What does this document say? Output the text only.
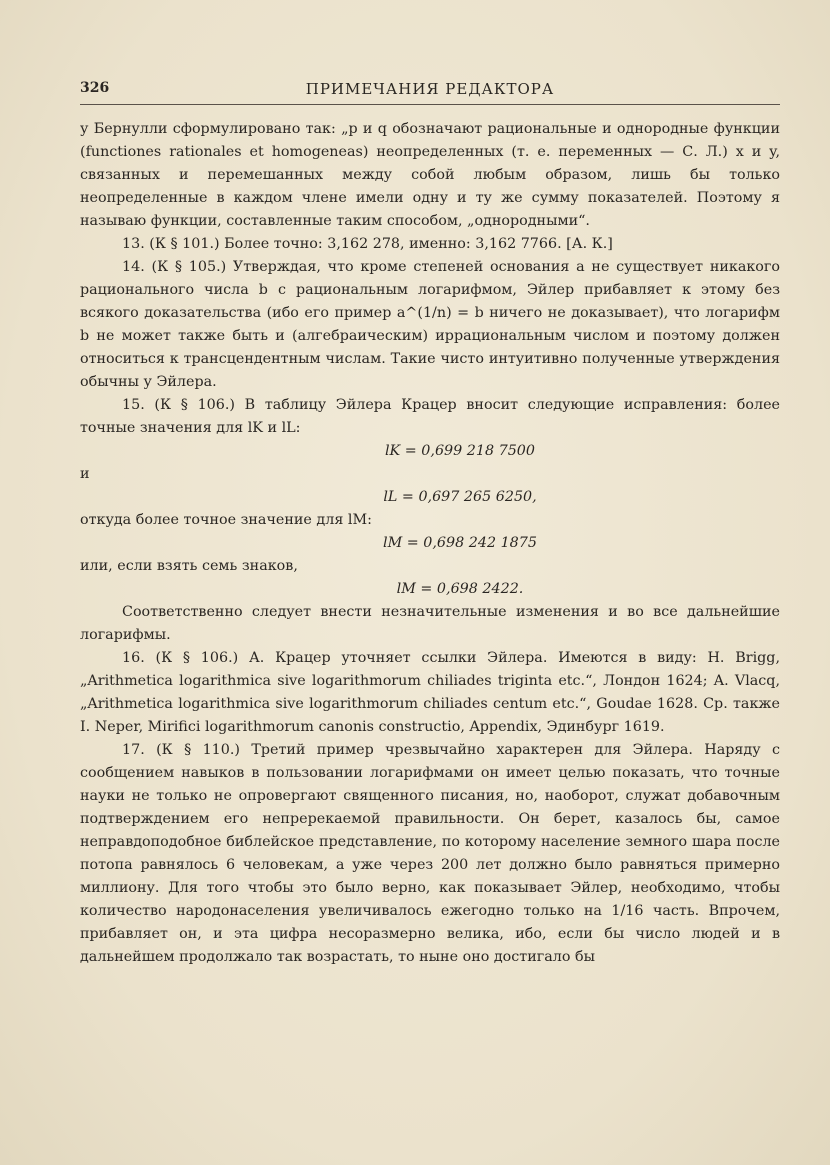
326	ПРИМЕЧАНИЯ РЕДАКТОРА

у Бернулли сформулировано так: „p и q обозначают рациональные и однородные функции (functiones rationales et homogeneas) неопределенных (т. е. переменных — С. Л.) x и y, связанных и перемешанных между собой любым образом, лишь бы только неопределенные в каждом члене имели одну и ту же сумму показателей. Поэтому я называю функции, составленные таким способом, „однородными“.

13. (К § 101.) Более точно: 3,162 278, именно: 3,162 7766. [А. К.]

14. (К § 105.) Утверждая, что кроме степеней основания a не существует никакого рационального числа b с рациональным логарифмом, Эйлер прибавляет к этому без всякого доказательства (ибо его пример a^(1/n) = b ничего не доказывает), что логарифм b не может также быть и (алгебраическим) иррациональным числом и поэтому должен относиться к трансцендентным числам. Такие чисто интуитивно полученные утверждения обычны у Эйлера.

15. (К § 106.) В таблицу Эйлера Крацер вносит следующие исправления: более точные значения для lK и lL:

lK = 0,699 218 7500

и

lL = 0,697 265 6250,

откуда более точное значение для lM:

lM = 0,698 242 1875

или, если взять семь знаков,

lM = 0,698 2422.

Соответственно следует внести незначительные изменения и во все дальнейшие логарифмы.

16. (К § 106.) А. Крацер уточняет ссылки Эйлера. Имеются в виду: H. Brigg, „Arithmetica logarithmica sive logarithmorum chiliades triginta etc.“, Лондон 1624; A. Vlacq, „Arithmetica logarithmica sive logarithmorum chiliades centum etc.“, Goudae 1628. Ср. также I. Neper, Mirifici logarithmorum canonis constructio, Appendix, Эдинбург 1619.

17. (К § 110.) Третий пример чрезвычайно характерен для Эйлера. Наряду с сообщением навыков в пользовании логарифмами он имеет целью показать, что точные науки не только не опровергают священного писания, но, наоборот, служат добавочным подтверждением его непререкаемой правильности. Он берет, казалось бы, самое неправдоподобное библейское представление, по которому население земного шара после потопа равнялось 6 человекам, а уже через 200 лет должно было равняться примерно миллиону. Для того чтобы это было верно, как показывает Эйлер, необходимо, чтобы количество народонаселения увеличивалось ежегодно только на 1/16 часть. Впрочем, прибавляет он, и эта цифра несоразмерно велика, ибо, если бы число людей и в дальнейшем продолжало так возрастать, то ныне оно достигало бы
